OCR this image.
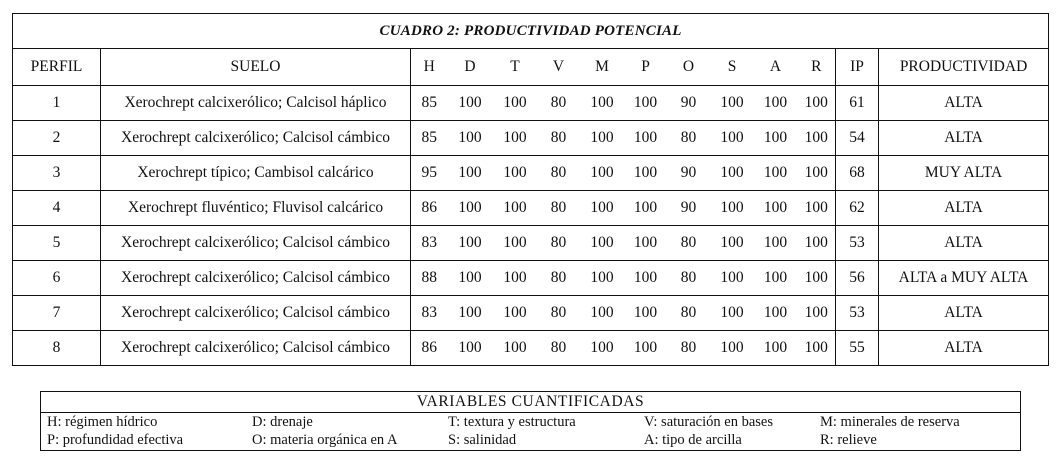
CUADRO 2: PRODUCTIVIDAD POTENCIAL													
PERFIL	SUELO	H	D	T	V	M	P	O	S	A	R	IP	PRODUCTIVIDAD
1	Xerochrept calcixerólico; Calcisol háplico	85	100	100	80	100	100	90	100	100	100	61	ALTA
2	Xerochrept calcixerólico; Calcisol cámbico	85	100	100	80	100	100	80	100	100	100	54	ALTA
3	Xerochrept típico; Cambisol calcárico	95	100	100	80	100	100	90	100	100	100	68	MUY ALTA
4	Xerochrept fluvéntico; Fluvisol calcárico	86	100	100	80	100	100	90	100	100	100	62	ALTA
5	Xerochrept calcixerólico; Calcisol cámbico	83	100	100	80	100	100	80	100	100	100	53	ALTA
6	Xerochrept calcixerólico; Calcisol cámbico	88	100	100	80	100	100	80	100	100	100	56	ALTA a MUY ALTA
7	Xerochrept calcixerólico; Calcisol cámbico	83	100	100	80	100	100	80	100	100	100	53	ALTA
8	Xerochrept calcixerólico; Calcisol cámbico	86	100	100	80	100	100	80	100	100	100	55	ALTA
VARIABLES CUANTIFICADAS
H: régimen hídrico	D: drenaje	T: textura y estructura	V: saturación en bases	M: minerales de reserva
P: profundidad efectiva	O: materia orgánica en A	S: salinidad	A: tipo de arcilla	R: relieve
